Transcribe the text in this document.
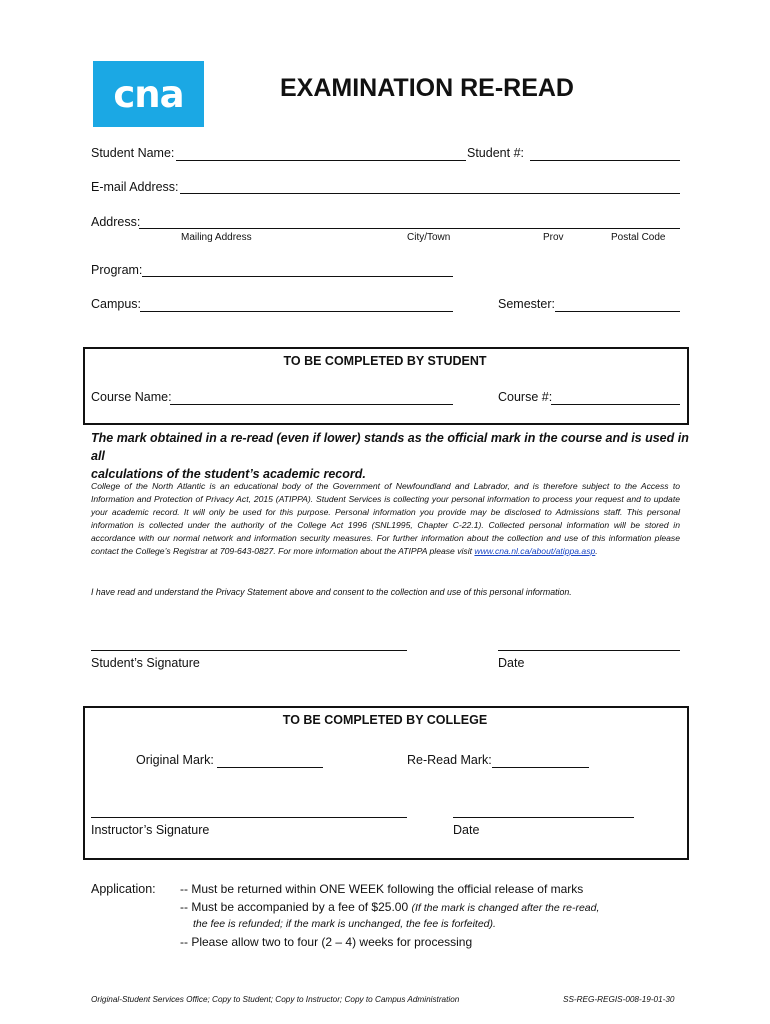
cna	EXAMINATION RE-READ
Student Name:	Student #:
E-mail Address:
Address:
Mailing Address	City/Town	Prov	Postal Code
Program:
Campus:	Semester:
TO BE COMPLETED BY STUDENT
Course Name:	Course #:
The mark obtained in a re-read (even if lower) stands as the official mark in the course and is used in all
calculations of the student’s academic record.
College of the North Atlantic is an educational body of the Government of Newfoundland and Labrador, and is therefore subject to the Access to Information and Protection of Privacy Act, 2015 (ATIPPA). Student Services is collecting your personal information to process your request and to update your academic record. It will only be used for this purpose. Personal information you provide may be disclosed to Admissions staff. This personal information is collected under the authority of the College Act 1996 (SNL1995, Chapter C-22.1). Collected personal information will be stored in accordance with our normal network and information security measures. For further information about the collection and use of this information please contact the College’s Registrar at 709-643-0827. For more information about the ATIPPA please visit www.cna.nl.ca/about/atippa.asp.
I have read and understand the Privacy Statement above and consent to the collection and use of this personal information.
Student’s Signature	Date
TO BE COMPLETED BY COLLEGE
Original Mark:	Re-Read Mark:
Instructor’s Signature	Date
Application: -- Must be returned within ONE WEEK following the official release of marks
-- Must be accompanied by a fee of $25.00 (If the mark is changed after the re-read,
the fee is refunded; if the mark is unchanged, the fee is forfeited).
-- Please allow two to four (2 – 4) weeks for processing
Original-Student Services Office; Copy to Student; Copy to Instructor; Copy to Campus Administration	SS-REG-REGIS-008-19-01-30
